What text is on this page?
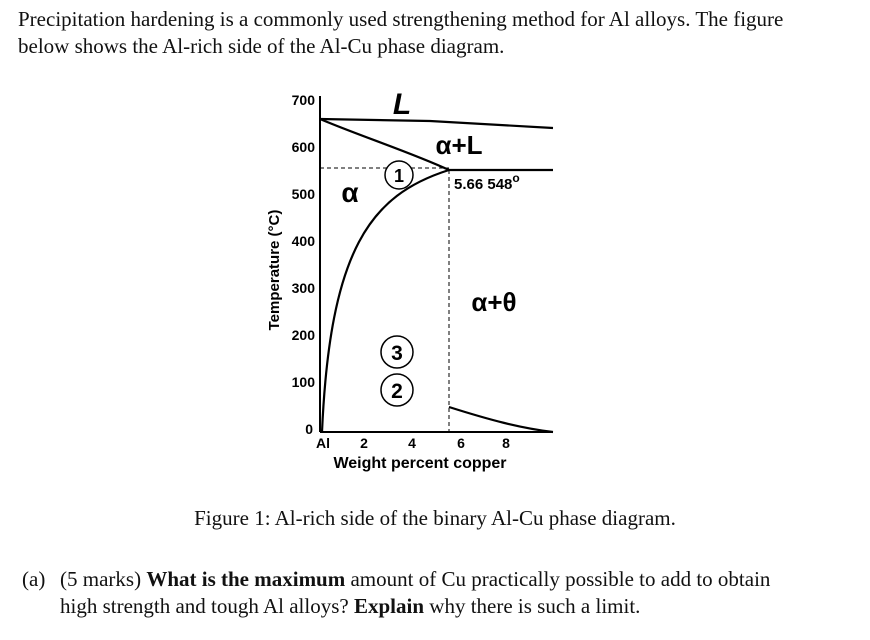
Precipitation hardening is a commonly used strengthening method for Al alloys. The figure
below shows the Al-rich side of the Al-Cu phase diagram.

700
600
500
400
300
200
100
0
Temperature (°C)
Al 2	4	6	8
Weight percent copper
L
α+L
α
α+θ
5.66 548$^o$
1
3
2

Figure 1: Al-rich side of the binary Al-Cu phase diagram.

(a) (5 marks) What is the maximum amount of Cu practically possible to add to obtain
high strength and tough Al alloys? Explain why there is such a limit.
